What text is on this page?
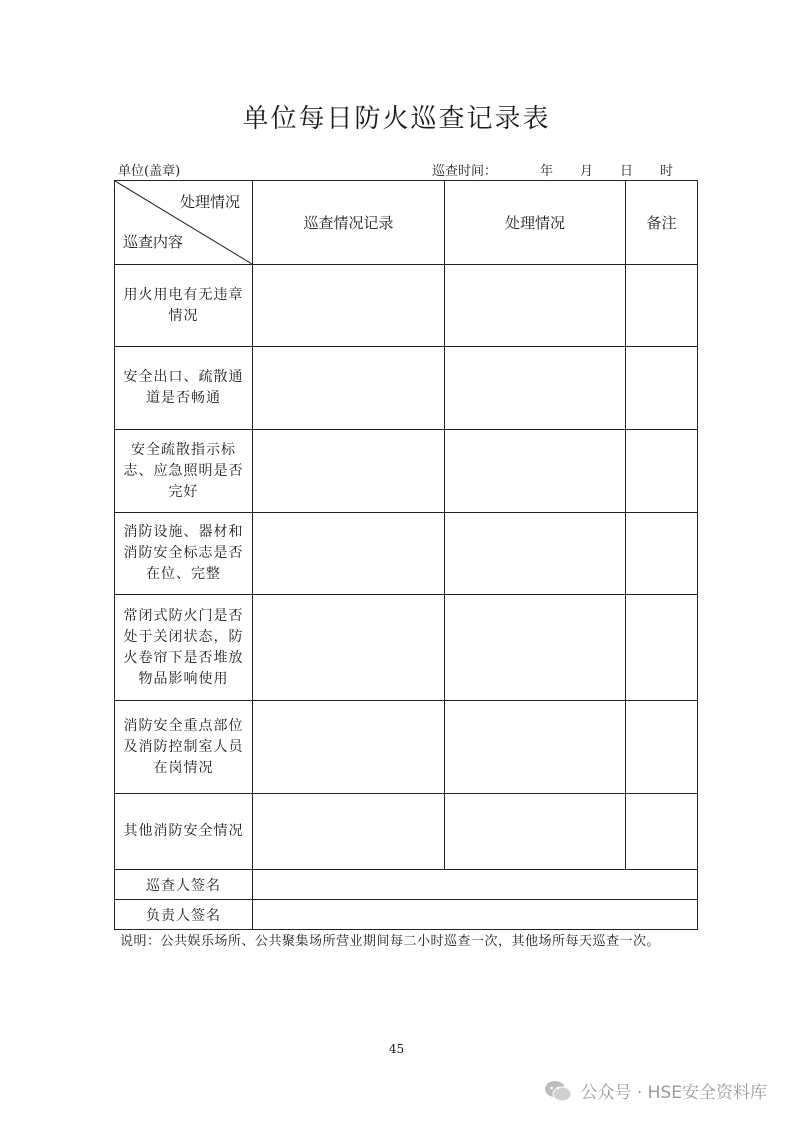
单位每日防火巡查记录表
单位(盖章)	巡查时间：	年 月 日 时
处理情况
巡查内容	巡查情况记录	处理情况	备注
用火用电有无违章情况			
安全出口、疏散通道是否畅通			
安全疏散指示标志、应急照明是否完好			
消防设施、器材和消防安全标志是否在位、完整			
常闭式防火门是否处于关闭状态，防火卷帘下是否堆放物品影响使用			
消防安全重点部位及消防控制室人员在岗情况			
其他消防安全情况			
巡查人签名			
负责人签名			
说明：公共娱乐场所、公共聚集场所营业期间每二小时巡查一次，其他场所每天巡查一次。
45
公众号 · HSE安全资料库
